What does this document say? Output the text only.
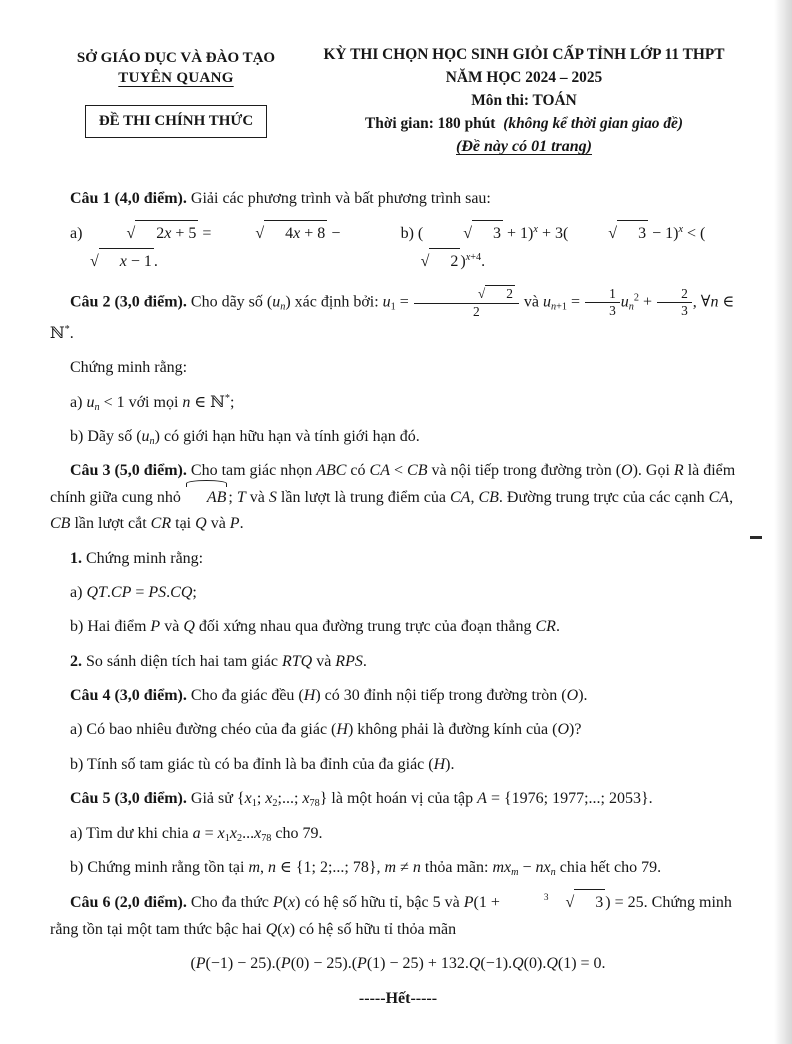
SỞ GIÁO DỤC VÀ ĐÀO TẠO
TUYÊN QUANG
ĐỀ THI CHÍNH THỨC
KỲ THI CHỌN HỌC SINH GIỎI CẤP TỈNH LỚP 11 THPT
NĂM HỌC 2024 – 2025
Môn thi: TOÁN
Thời gian: 180 phút (không kể thời gian giao đề)
(Đề này có 01 trang)

Câu 1 (4,0 điểm). Giải các phương trình và bất phương trình sau:

a)	√ 2x + 5 =	√ 4x + 8 − √ x − 1 .

b) (	√ 3 + 1)$^x$ + 3(	√ 3 − 1)$^x$ < (√ 2 )$^{x+4}$.

Câu 2 (3,0 điểm). Cho dãy số $(u_n)$ xác định bởi: $u_1 = \frac{√ 2}{2}$ và $u_{n+1} = \frac{1}{3} u_n^2 + \frac{2}{3}$ , ∀n ∈ ℕ*.

Chứng minh rằng:

a) $u_n < 1$ với mọi n ∈ ℕ*;

b) Dãy số $(u_n)$ có giới hạn hữu hạn và tính giới hạn đó.

Câu 3 (5,0 điểm). Cho tam giác nhọn ABC có CA < CB và nội tiếp trong đường tròn (O). Gọi R là điểm chính giữa cung nhỏ AB ; T và S lần lượt là trung điểm của CA, CB. Đường trung trực của các cạnh CA, CB lần lượt cắt CR tại Q và P.

1. Chứng minh rằng:

a) QT.CP = PS.CQ;

b) Hai điểm P và Q đối xứng nhau qua đường trung trực của đoạn thẳng CR.

2. So sánh diện tích hai tam giác RTQ và RPS.

Câu 4 (3,0 điểm). Cho đa giác đều (H) có 30 đỉnh nội tiếp trong đường tròn (O).

a) Có bao nhiêu đường chéo của đa giác (H) không phải là đường kính của (O)?

b) Tính số tam giác tù có ba đỉnh là ba đỉnh của đa giác (H).

Câu 5 (3,0 điểm). Giả sử {$x_1$; $x_2$;...; $x_{78}$} là một hoán vị của tập A = {1976; 1977;...; 2053}.

a) Tìm dư khi chia $a = x_1x_2...x_{78}$ cho 79.

b) Chứng minh rằng tồn tại m, n ∈ {1; 2;...; 78}, m ≠ n thỏa mãn: $mx_m - nx_n$ chia hết cho 79.

Câu 6 (2,0 điểm). Cho đa thức P(x) có hệ số hữu tỉ, bậc 5 và P(1 +	3 √ 3 ) = 25. Chứng minh rằng tồn tại một tam thức bậc hai Q(x) có hệ số hữu tỉ thỏa mãn

(P(−1) − 25).(P(0) − 25).(P(1) − 25) + 132.Q(−1).Q(0).Q(1) = 0.

-----Hết-----
